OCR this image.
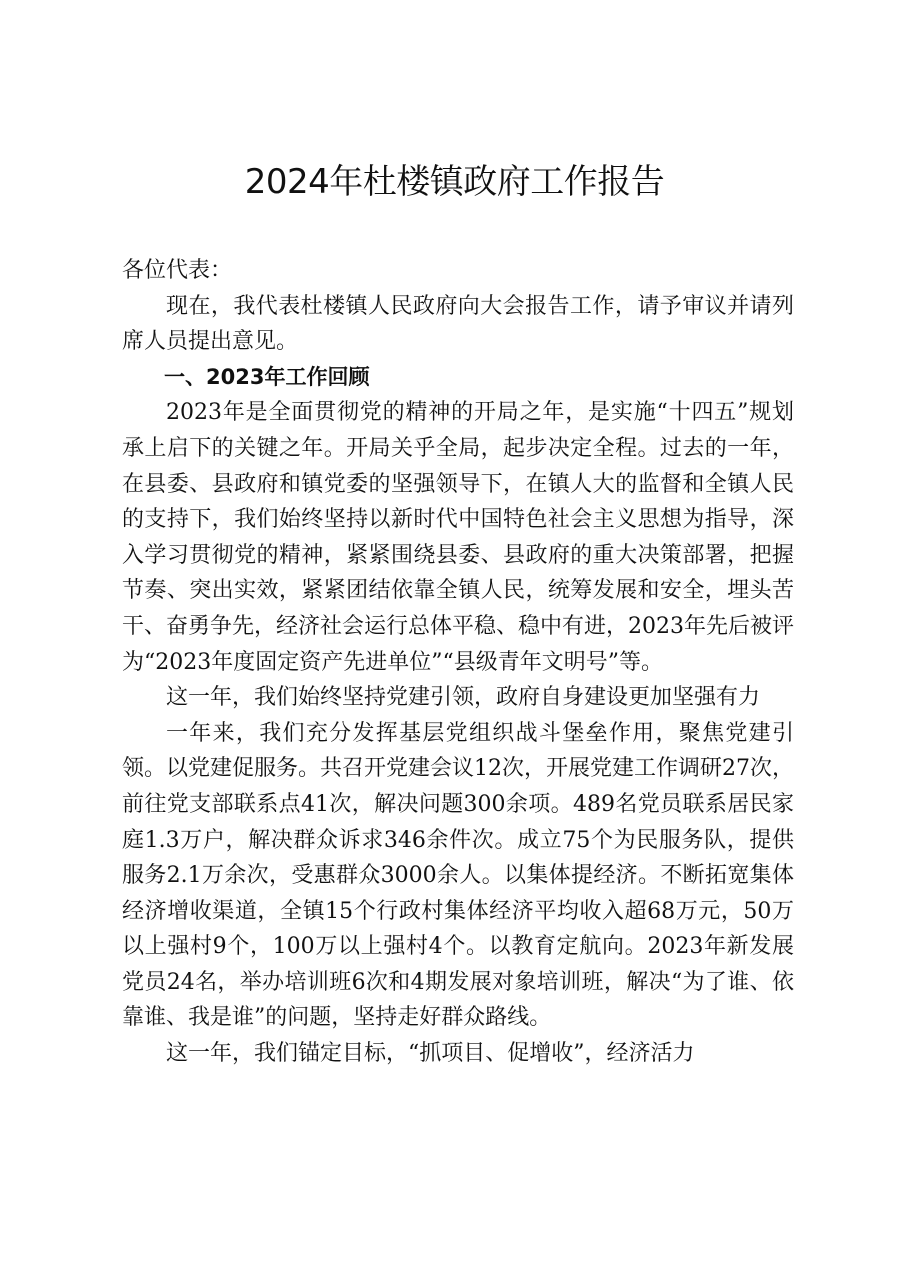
2024年杜楼镇政府工作报告

各位代表：

现在，我代表杜楼镇人民政府向大会报告工作，请予审议并请列席人员提出意见。

一、2023年工作回顾

2023年是全面贯彻党的精神的开局之年，是实施“十四五”规划承上启下的关键之年。开局关乎全局，起步决定全程。过去的一年，在县委、县政府和镇党委的坚强领导下，在镇人大的监督和全镇人民的支持下，我们始终坚持以新时代中国特色社会主义思想为指导，深入学习贯彻党的精神，紧紧围绕县委、县政府的重大决策部署，把握节奏、突出实效，紧紧团结依靠全镇人民，统筹发展和安全，埋头苦干、奋勇争先，经济社会运行总体平稳、稳中有进，2023年先后被评为“2023年度固定资产先进单位”“县级青年文明号”等。

这一年，我们始终坚持党建引领，政府自身建设更加坚强有力

一年来，我们充分发挥基层党组织战斗堡垒作用，聚焦党建引领。以党建促服务。共召开党建会议12次，开展党建工作调研27次，前往党支部联系点41次，解决问题300余项。489名党员联系居民家庭1.3万户，解决群众诉求346余件次。成立75个为民服务队，提供服务2.1万余次，受惠群众3000余人。以集体提经济。不断拓宽集体经济增收渠道，全镇15个行政村集体经济平均收入超68万元，50万以上强村9个，100万以上强村4个。以教育定航向。2023年新发展党员24名，举办培训班6次和4期发展对象培训班，解决“为了谁、依靠谁、我是谁”的问题，坚持走好群众路线。

这一年，我们锚定目标，“抓项目、促增收”，经济活力
